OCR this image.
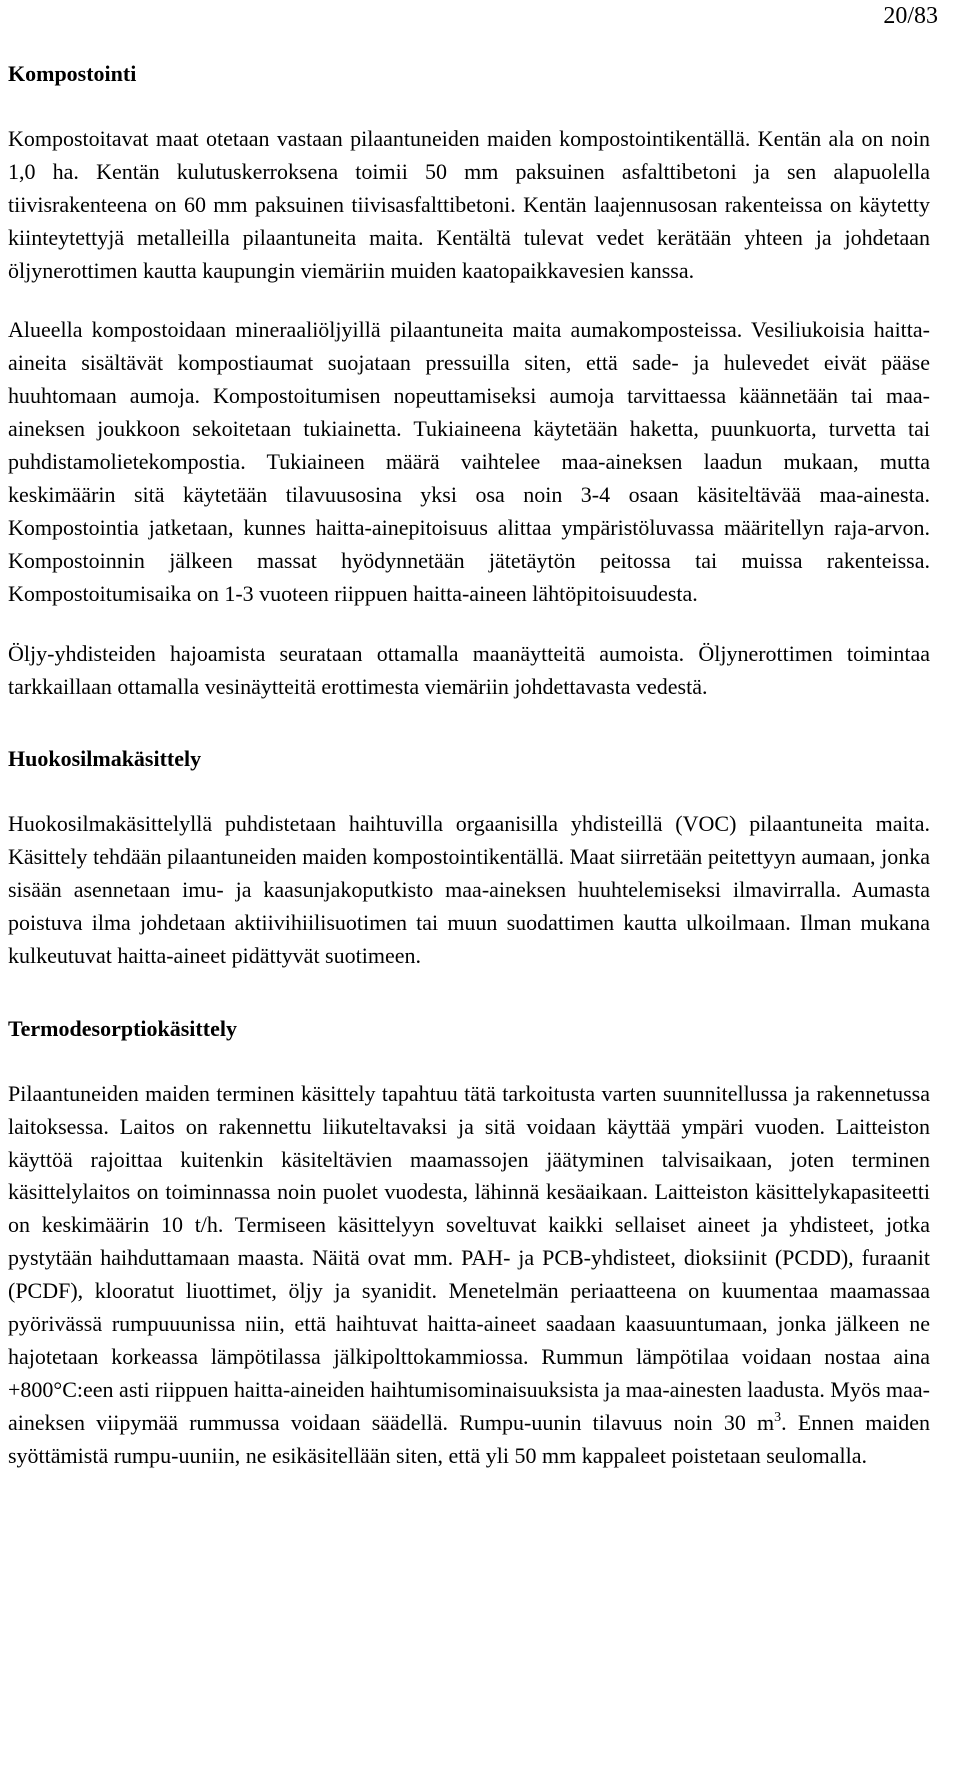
20/83
Kompostointi

Kompostoitavat maat otetaan vastaan pilaantuneiden maiden kompostointikentällä. Kentän ala on noin 1,0 ha. Kentän kulutuskerroksena toimii 50 mm paksuinen asfalttibetoni ja sen alapuolella tiivisrakenteena on 60 mm paksuinen tiivisasfalttibetoni. Kentän laajennusosan rakenteissa on käytetty kiinteytettyjä metalleilla pilaantuneita maita. Kentältä tulevat vedet kerätään yhteen ja johdetaan öljynerottimen kautta kaupungin viemäriin muiden kaatopaikkavesien kanssa.

Alueella kompostoidaan mineraaliöljyillä pilaantuneita maita aumakomposteissa. Vesiliukoisia haitta-aineita sisältävät kompostiaumat suojataan pressuilla siten, että sade- ja hulevedet eivät pääse huuhtomaan aumoja. Kompostoitumisen nopeuttamiseksi aumoja tarvittaessa käännetään tai maa-aineksen joukkoon sekoitetaan tukiainetta. Tukiaineena käytetään haketta, puunkuorta, turvetta tai puhdistamolietekompostia. Tukiaineen määrä vaihtelee maa-aineksen laadun mukaan, mutta keskimäärin sitä käytetään tilavuusosina yksi osa noin 3-4 osaan käsiteltävää maa-ainesta. Kompostointia jatketaan, kunnes haitta-ainepitoisuus alittaa ympäristöluvassa määritellyn raja-arvon. Kompostoinnin jälkeen massat hyödynnetään jätetäytön peitossa tai muissa rakenteissa. Kompostoitumisaika on 1-3 vuoteen riippuen haitta-aineen lähtöpitoisuudesta.

Öljy-yhdisteiden hajoamista seurataan ottamalla maanäytteitä aumoista. Öljynerottimen toimintaa tarkkaillaan ottamalla vesinäytteitä erottimesta viemäriin johdettavasta vedestä.

Huokosilmakäsittely

Huokosilmakäsittelyllä puhdistetaan haihtuvilla orgaanisilla yhdisteillä (VOC) pilaantuneita maita. Käsittely tehdään pilaantuneiden maiden kompostointikentällä. Maat siirretään peitettyyn aumaan, jonka sisään asennetaan imu- ja kaasunjakoputkisto maa-aineksen huuhtelemiseksi ilmavirralla. Aumasta poistuva ilma johdetaan aktiivihiilisuotimen tai muun suodattimen kautta ulkoilmaan. Ilman mukana kulkeutuvat haitta-aineet pidättyvät suotimeen.

Termodesorptiokäsittely

Pilaantuneiden maiden terminen käsittely tapahtuu tätä tarkoitusta varten suunnitellussa ja rakennetussa laitoksessa. Laitos on rakennettu liikuteltavaksi ja sitä voidaan käyttää ympäri vuoden. Laitteiston käyttöä rajoittaa kuitenkin käsiteltävien maamassojen jäätyminen talvisaikaan, joten terminen käsittelylaitos on toiminnassa noin puolet vuodesta, lähinnä kesäaikaan. Laitteiston käsittelykapasiteetti on keskimäärin 10 t/h. Termiseen käsittelyyn soveltuvat kaikki sellaiset aineet ja yhdisteet, jotka pystytään haihduttamaan maasta. Näitä ovat mm. PAH- ja PCB-yhdisteet, dioksiinit (PCDD), furaanit (PCDF), klooratut liuottimet, öljy ja syanidit. Menetelmän periaatteena on kuumentaa maamassaa pyörivässä rumpuuunissa niin, että haihtuvat haitta-aineet saadaan kaasuuntumaan, jonka jälkeen ne hajotetaan korkeassa lämpötilassa jälkipolttokammiossa. Rummun lämpötilaa voidaan nostaa aina +800°C:een asti riippuen haitta-aineiden haihtumisominaisuuksista ja maa-ainesten laadusta. Myös maa-aineksen viipymää rummussa voidaan säädellä. Rumpu-uunin tilavuus noin 30 $m^3$. Ennen maiden syöttämistä rumpu-uuniin, ne esikäsitellään siten, että yli 50 mm kappaleet poistetaan seulomalla.
